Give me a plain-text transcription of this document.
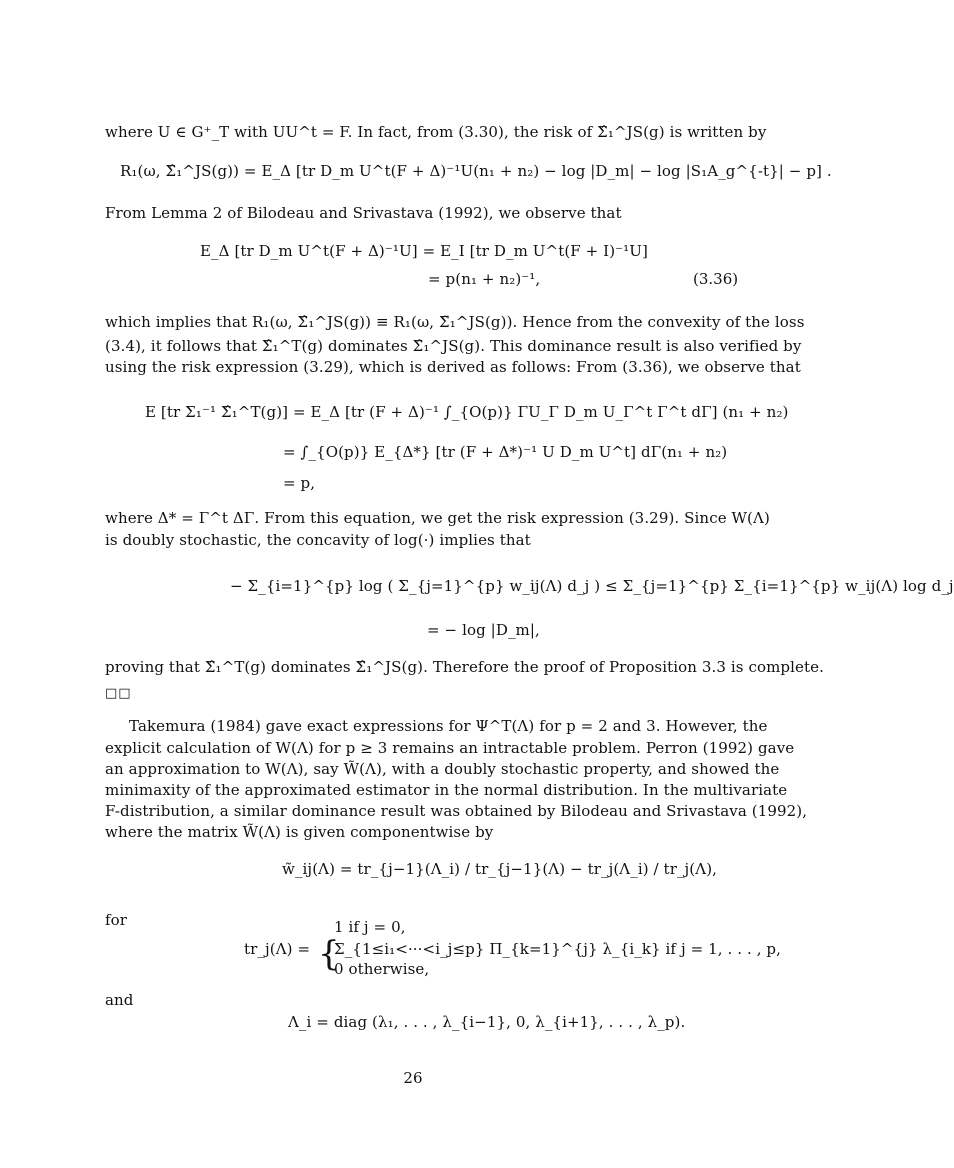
where U ∈ G⁺_T with UU^t = F. In fact, from (3.30), the risk of Σ̂₁^JS(g) is written by
R₁(ω, Σ̂₁^JS(g)) = E_Δ [tr D_m U^t(F + Δ)⁻¹U(n₁ + n₂) − log |D_m| − log |S₁A_g^{-t}| − p] .
From Lemma 2 of Bilodeau and Srivastava (1992), we observe that
E_Δ [tr D_m U^t(F + Δ)⁻¹U] = E_I [tr D_m U^t(F + I)⁻¹U]
= p(n₁ + n₂)⁻¹,	(3.36)
which implies that R₁(ω, Σ̂₁^JS(g)) ≡ R₁(ω, Σ̃₁^JS(g)). Hence from the convexity of the loss
(3.4), it follows that Σ̂₁^T(g) dominates Σ̂₁^JS(g). This dominance result is also verified by
using the risk expression (3.29), which is derived as follows: From (3.36), we observe that
E [tr Σ₁⁻¹ Σ̂₁^T(g)] = E_Δ [tr (F + Δ)⁻¹ ∫_{O(p)} ΓU_Γ D_m U_Γ^t Γ^t dΓ] (n₁ + n₂)
= ∫_{O(p)} E_{Δ*} [tr (F + Δ*)⁻¹ U D_m U^t] dΓ(n₁ + n₂)
= p,
where Δ* = Γ^t ΔΓ. From this equation, we get the risk expression (3.29). Since W(Λ)
is doubly stochastic, the concavity of log(·) implies that
− Σ_{i=1}^{p} log ( Σ_{j=1}^{p} w_ij(Λ) d_j ) ≤ Σ_{j=1}^{p} Σ_{i=1}^{p} w_ij(Λ) log d_j
= − log |D_m|,
proving that Σ̂₁^T(g) dominates Σ̂₁^JS(g). Therefore the proof of Proposition 3.3 is complete.
□□
Takemura (1984) gave exact expressions for Ψ^T(Λ) for p = 2 and 3. However, the
explicit calculation of W(Λ) for p ≥ 3 remains an intractable problem. Perron (1992) gave
an approximation to W(Λ), say W̃(Λ), with a doubly stochastic property, and showed the
minimaxity of the approximated estimator in the normal distribution. In the multivariate
F-distribution, a similar dominance result was obtained by Bilodeau and Srivastava (1992),
where the matrix W̃(Λ) is given componentwise by
w̃_ij(Λ) = tr_{j−1}(Λ_i) / tr_{j−1}(Λ) − tr_j(Λ_i) / tr_j(Λ),
for
tr_j(Λ) = {
1 if j = 0,
Σ_{1≤i₁<···<i_j≤p} Π_{k=1}^{j} λ_{i_k} if j = 1, . . . , p,
0 otherwise,
and
Λ_i = diag (λ₁, . . . , λ_{i−1}, 0, λ_{i+1}, . . . , λ_p).
26
